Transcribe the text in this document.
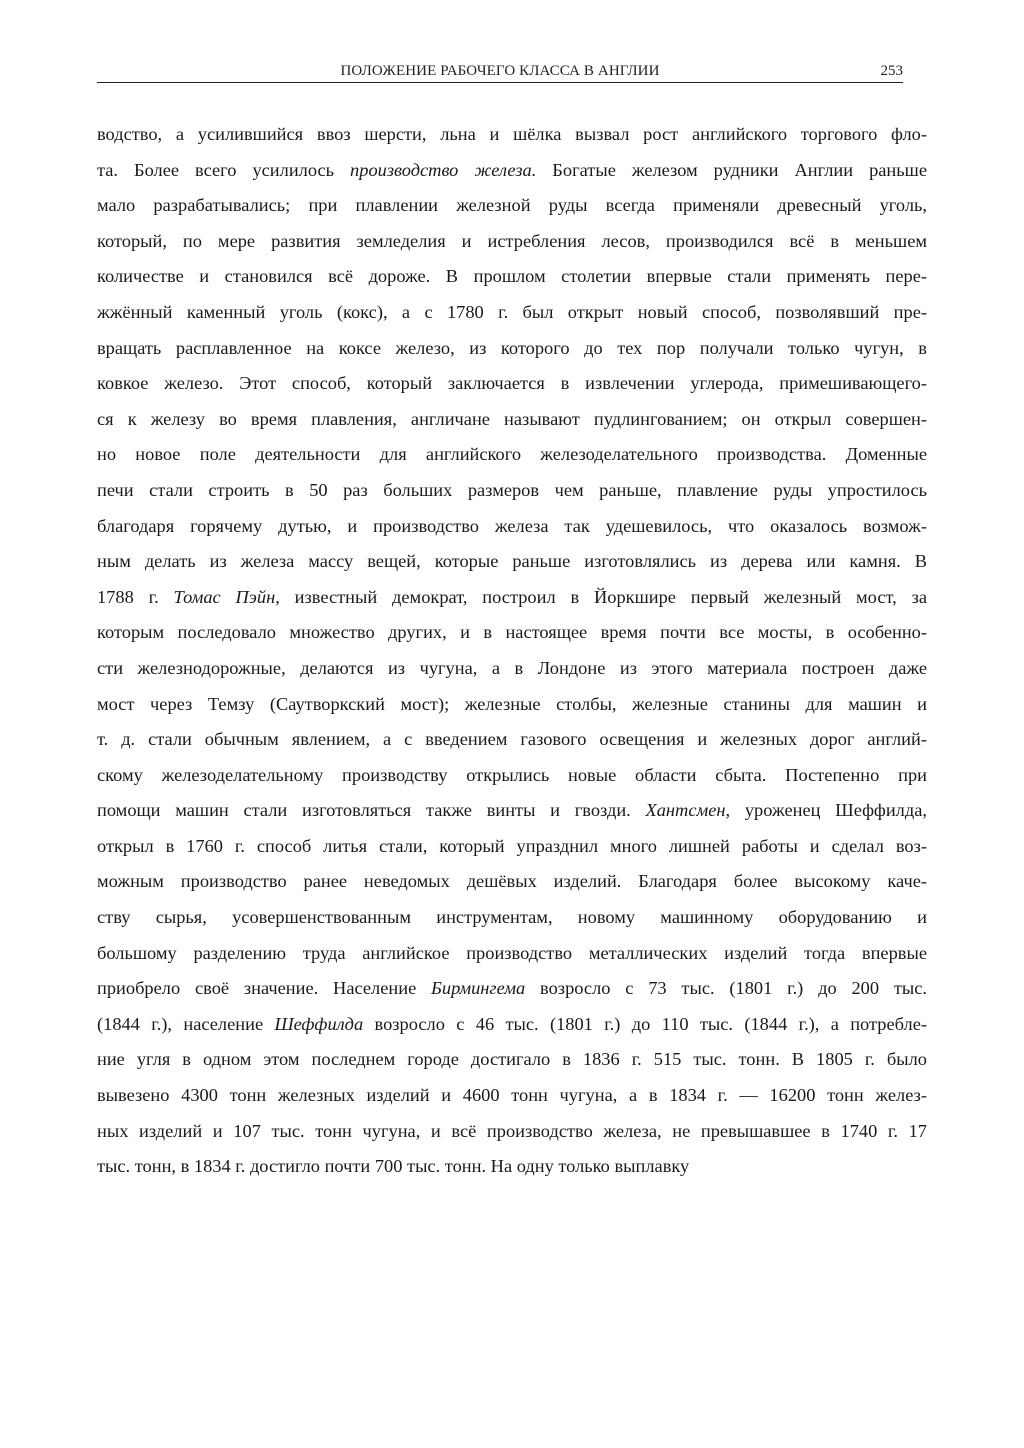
ПОЛОЖЕНИЕ РАБОЧЕГО КЛАССА В АНГЛИИ	253
водство, а усилившийся ввоз шерсти, льна и шёлка вызвал рост английского торгового фло-
та. Более всего усилилось производство железа. Богатые железом рудники Англии раньше
мало разрабатывались; при плавлении железной руды всегда применяли древесный уголь,
который, по мере развития земледелия и истребления лесов, производился всё в меньшем
количестве и становился всё дороже. В прошлом столетии впервые стали применять пере-
жжённый каменный уголь (кокс), а с 1780 г. был открыт новый способ, позволявший пре-
вращать расплавленное на коксе железо, из которого до тех пор получали только чугун, в
ковкое железо. Этот способ, который заключается в извлечении углерода, примешивающего-
ся к железу во время плавления, англичане называют пудлингованием; он открыл совершен-
но новое поле деятельности для английского железоделательного производства. Доменные
печи стали строить в 50 раз больших размеров чем раньше, плавление руды упростилось
благодаря горячему дутью, и производство железа так удешевилось, что оказалось возмож-
ным делать из железа массу вещей, которые раньше изготовлялись из дерева или камня. В
1788 г. Томас Пэйн, известный демократ, построил в Йоркшире первый железный мост, за
которым последовало множество других, и в настоящее время почти все мосты, в особенно-
сти железнодорожные, делаются из чугуна, а в Лондоне из этого материала построен даже
мост через Темзу (Саутворкский мост); железные столбы, железные станины для машин и
т. д. стали обычным явлением, а с введением газового освещения и железных дорог англий-
скому железоделательному производству открылись новые области сбыта. Постепенно при
помощи машин стали изготовляться также винты и гвозди. Хантсмен, уроженец Шеффилда,
открыл в 1760 г. способ литья стали, который упразднил много лишней работы и сделал воз-
можным производство ранее неведомых дешёвых изделий. Благодаря более высокому каче-
ству сырья, усовершенствованным инструментам, новому машинному оборудованию и
большому разделению труда английское производство металлических изделий тогда впервые
приобрело своё значение. Население Бирмингема возросло с 73 тыс. (1801 г.) до 200 тыс.
(1844 г.), население Шеффилда возросло с 46 тыс. (1801 г.) до 110 тыс. (1844 г.), а потребле-
ние угля в одном этом последнем городе достигало в 1836 г. 515 тыс. тонн. В 1805 г. было
вывезено 4300 тонн железных изделий и 4600 тонн чугуна, а в 1834 г. — 16200 тонн желез-
ных изделий и 107 тыс. тонн чугуна, и всё производство железа, не превышавшее в 1740 г. 17
тыс. тонн, в 1834 г. достигло почти 700 тыс. тонн. На одну только выплавку
